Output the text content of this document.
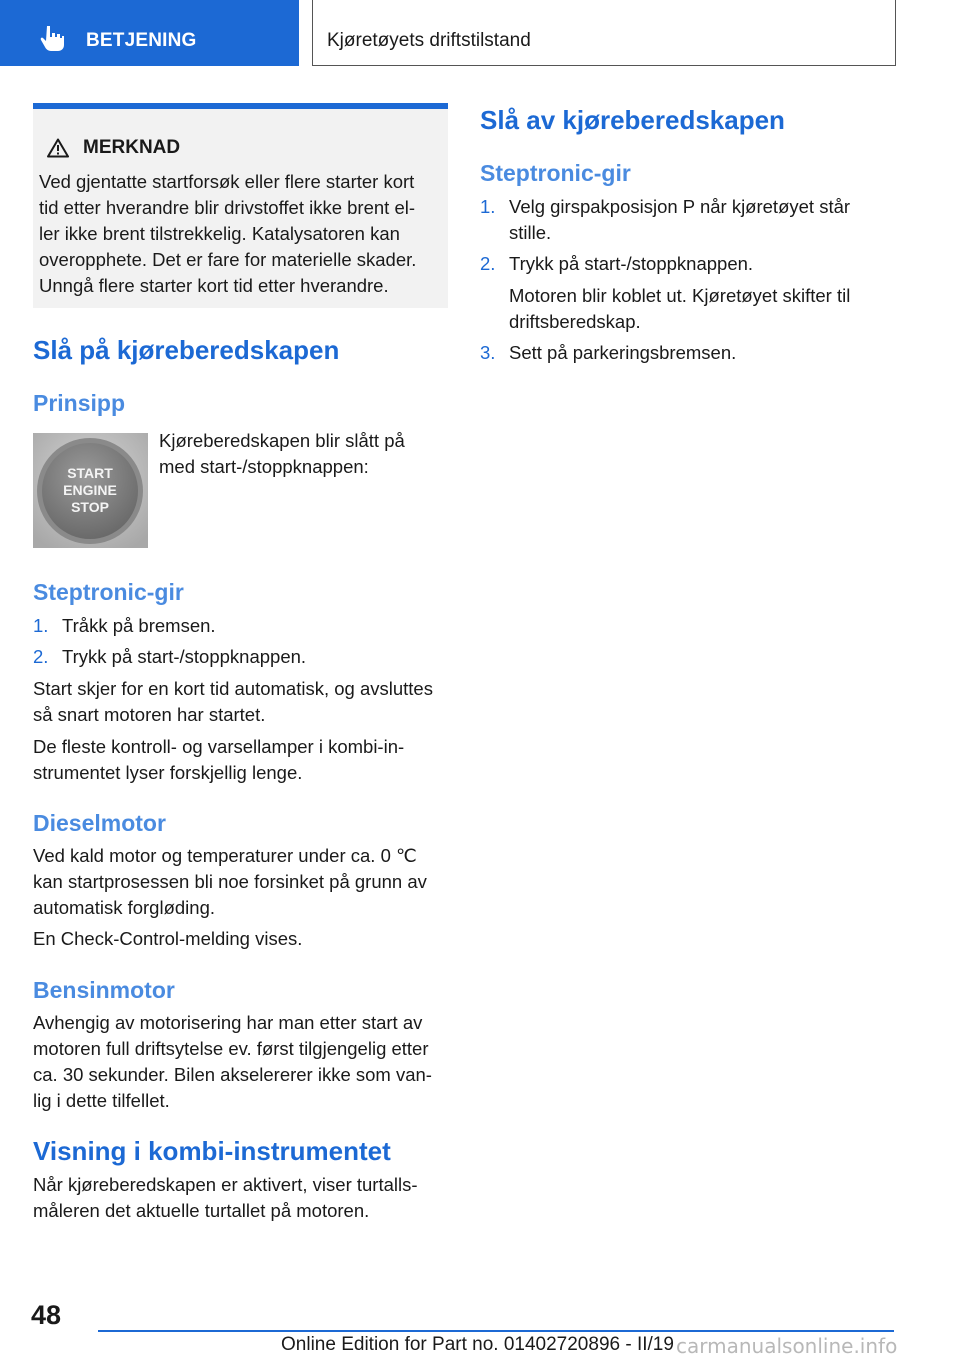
BETJENING	Kjøretøyets driftstilstand
MERKNAD
Ved gjentatte startforsøk eller flere starter kort
tid etter hverandre blir drivstoffet ikke brent el‐
ler ikke brent tilstrekkelig. Katalysatoren kan
overopphete. Det er fare for materielle skader.
Unngå flere starter kort tid etter hverandre.
Slå på kjøreberedskapen
Prinsipp
Kjøreberedskapen blir slått på
med start-/stoppknappen:
START
ENGINE
STOP
Steptronic-gir
1. Tråkk på bremsen.
2. Trykk på start-/stoppknappen.
Start skjer for en kort tid automatisk, og avsluttes
så snart motoren har startet.
De fleste kontroll- og varsellamper i kombi-in‐
strumentet lyser forskjellig lenge.
Dieselmotor
Ved kald motor og temperaturer under ca. 0 ℃
kan startprosessen bli noe forsinket på grunn av
automatisk forgløding.
En Check-Control-melding vises.
Bensinmotor
Avhengig av motorisering har man etter start av
motoren full driftsytelse ev. først tilgjengelig etter
ca. 30 sekunder. Bilen akselererer ikke som van‐
lig i dette tilfellet.
Visning i kombi-instrumentet
Når kjøreberedskapen er aktivert, viser turtalls‐
måleren det aktuelle turtallet på motoren.
Slå av kjøreberedskapen
Steptronic-gir
1. Velg girspakposisjon P når kjøretøyet står
stille.
2. Trykk på start-/stoppknappen.
Motoren blir koblet ut. Kjøretøyet skifter til
driftsberedskap.
3. Sett på parkeringsbremsen.
48
Online Edition for Part no. 01402720896 - II/19 carmanualsonline.info
